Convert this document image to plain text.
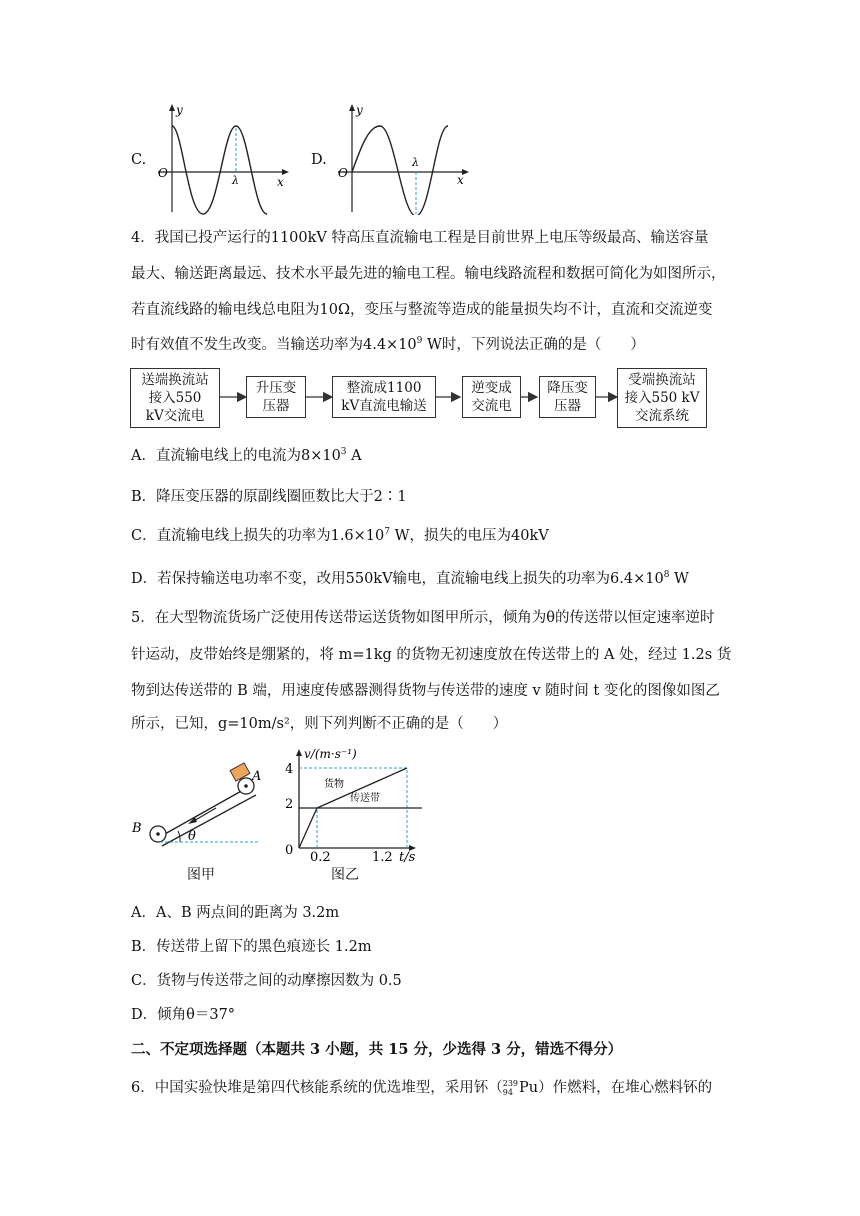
C.
y
x
O
λ
D.
y
x
O
λ
4．我国已投产运行的1100kV 特高压直流输电工程是目前世界上电压等级最高、输送容量
最大、输送距离最远、技术水平最先进的输电工程。输电线路流程和数据可简化为如图所示，
若直流线路的输电线总电阻为10Ω，变压与整流等造成的能量损失均不计，直流和交流逆变
时有效值不发生改变。当输送功率为$4.4\times 10^9$ W时，下列说法正确的是（　　）
送端换流站接入550 kV交流电
升压变压器
整流成1100 kV直流电输送
逆变成交流电
降压变压器
受端换流站接入550 kV交流系统
A．直流输电线上的电流为$8\times 10^3$ A
B．降压变压器的原副线圈匝数比大于2∶1
C．直流输电线上损失的功率为$1.6\times 10^7$ W，损失的电压为40kV
D．若保持输送电功率不变，改用550kV输电，直流输电线上损失的功率为$6.4\times 10^8$ W
5．在大型物流货场广泛使用传送带运送货物如图甲所示，倾角为θ的传送带以恒定速率逆时
针运动，皮带始终是绷紧的，将 m=1kg 的货物无初速度放在传送带上的 A 处，经过 1.2s 货
物到达传送带的 B 端，用速度传感器测得货物与传送带的速度 v 随时间 t 变化的图像如图乙
所示，已知，g=10m/s²，则下列判断不正确的是（　　）
A
B
θ
图甲
v/(m·s⁻¹)
4
2
0 0.2	1.2 t/s
货物
传送带
图乙
A．A、B 两点间的距离为 3.2m
B．传送带上留下的黑色痕迹长 1.2m
C．货物与传送带之间的动摩擦因数为 0.5
D．倾角θ＝37°
二、不定项选择题（本题共 3 小题，共 15 分，少选得 3 分，错选不得分）
6．中国实验快堆是第四代核能系统的优选堆型，采用钚（ 239
94 Pu）作燃料，在堆心燃料钚的
